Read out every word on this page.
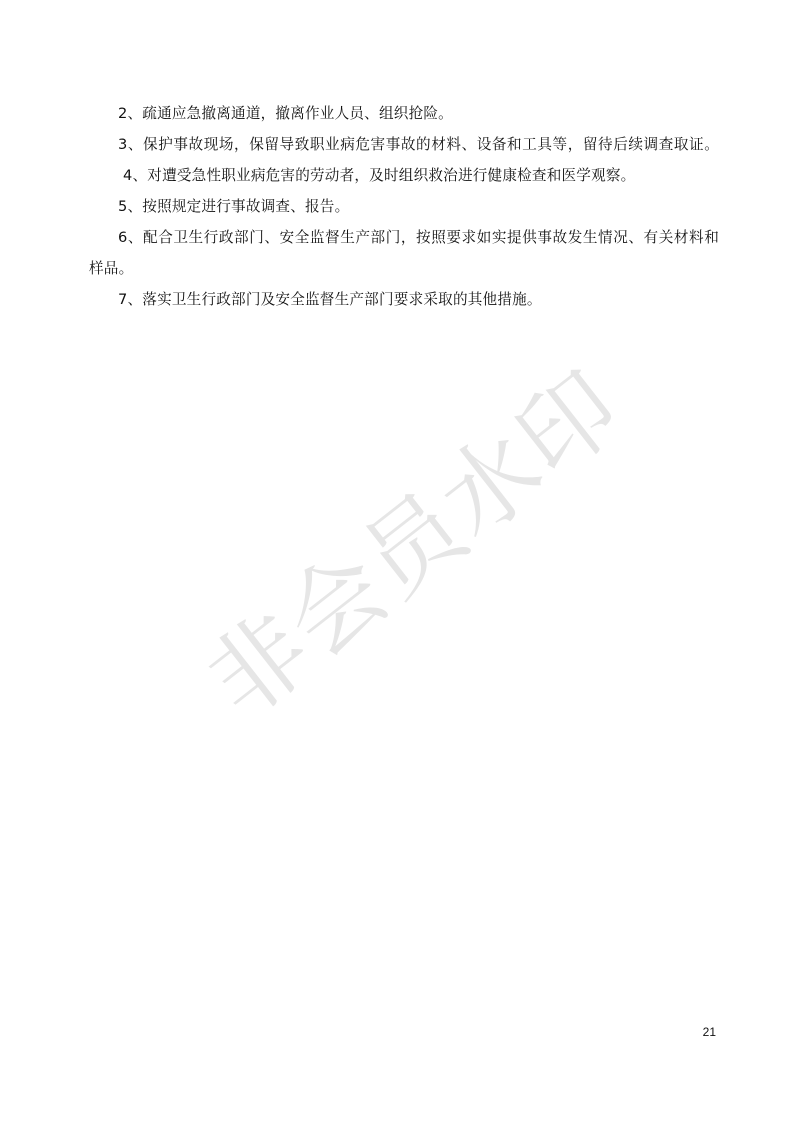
非会员水印

2、疏通应急撤离通道，撤离作业人员、组织抢险。

3、保护事故现场，保留导致职业病危害事故的材料、设备和工具等，留待后续调查取证。4、对遭受急性职业病危害的劳动者，及时组织救治进行健康检查和医学观察。

5、按照规定进行事故调查、报告。

6、配合卫生行政部门、安全监督生产部门，按照要求如实提供事故发生情况、有关材料和样品。

7、落实卫生行政部门及安全监督生产部门要求采取的其他措施。

21
